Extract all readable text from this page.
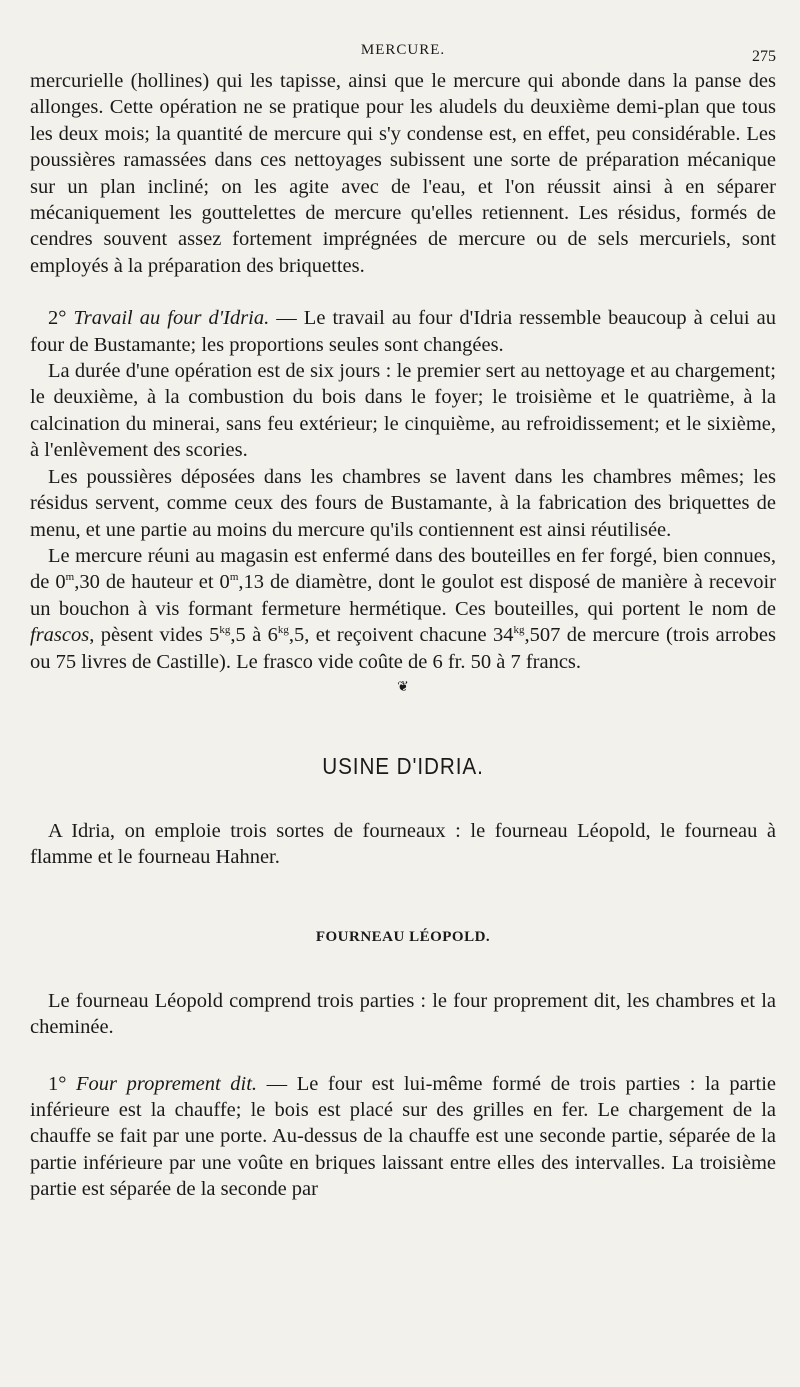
MERCURE.	275

mercurielle (hollines) qui les tapisse, ainsi que le mercure qui abonde dans la panse des allonges. Cette opération ne se pratique pour les aludels du deuxième demi-plan que tous les deux mois; la quantité de mercure qui s'y condense est, en effet, peu considérable. Les poussières ramassées dans ces nettoyages subissent une sorte de préparation mécanique sur un plan incliné; on les agite avec de l'eau, et l'on réussit ainsi à en séparer mécaniquement les gouttelettes de mercure qu'elles retiennent. Les résidus, formés de cendres souvent assez fortement imprégnées de mercure ou de sels mercuriels, sont employés à la préparation des briquettes.

2° Travail au four d'Idria. — Le travail au four d'Idria ressemble beaucoup à celui au four de Bustamante; les proportions seules sont changées.

La durée d'une opération est de six jours : le premier sert au nettoyage et au chargement; le deuxième, à la combustion du bois dans le foyer; le troisième et le quatrième, à la calcination du minerai, sans feu extérieur; le cinquième, au refroidissement; et le sixième, à l'enlèvement des scories.

Les poussières déposées dans les chambres se lavent dans les chambres mêmes; les résidus servent, comme ceux des fours de Bustamante, à la fabrication des briquettes de menu, et une partie au moins du mercure qu'ils contiennent est ainsi réutilisée.

Le mercure réuni au magasin est enfermé dans des bouteilles en fer forgé, bien connues, de 0$^m$,30 de hauteur et 0$^m$,13 de diamètre, dont le goulot est disposé de manière à recevoir un bouchon à vis formant fermeture hermétique. Ces bouteilles, qui portent le nom de frascos, pèsent vides $5^{kg},5$ à $6^{kg},5$, et reçoivent chacune $34^{kg},507$ de mercure (trois arrobes ou 75 livres de Castille). Le frasco vide coûte de 6 fr. 50 à 7 francs.

❦
USINE D'IDRIA.

A Idria, on emploie trois sortes de fourneaux : le fourneau Léopold, le fourneau à flamme et le fourneau Hahner.

FOURNEAU LÉOPOLD.

Le fourneau Léopold comprend trois parties : le four proprement dit, les chambres et la cheminée.

1° Four proprement dit. — Le four est lui-même formé de trois parties : la partie inférieure est la chauffe; le bois est placé sur des grilles en fer. Le chargement de la chauffe se fait par une porte. Au-dessus de la chauffe est une seconde partie, séparée de la partie inférieure par une voûte en briques laissant entre elles des intervalles. La troisième partie est séparée de la seconde par
